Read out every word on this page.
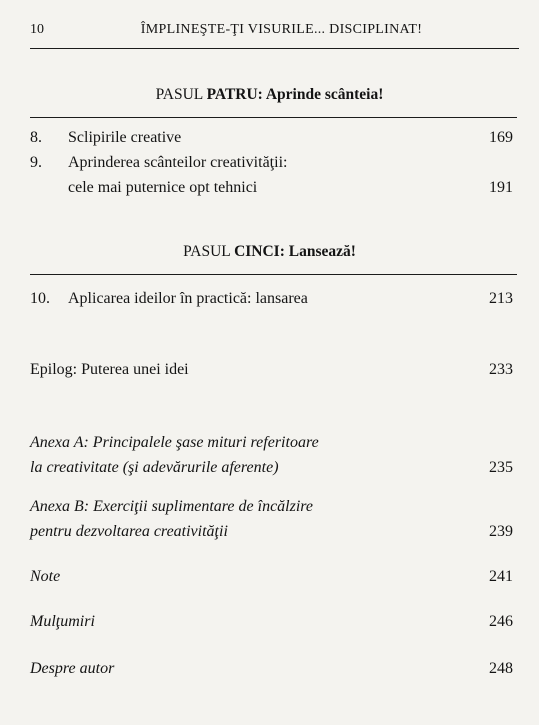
10	ÎMPLINEŞTE-ŢI VISURILE... DISCIPLINAT!
PASUL PATRU: Aprinde scânteia!
8. Sclipirile creative	169
9. Aprinderea scânteilor creativităţii:
cele mai puternice opt tehnici	191
PASUL CINCI: Lansează!
10. Aplicarea ideilor în practică: lansarea	213
Epilog: Puterea unei idei	233
Anexa A: Principalele şase mituri referitoare
la creativitate (şi adevărurile aferente)	235
Anexa B: Exerciţii suplimentare de încălzire
pentru dezvoltarea creativităţii	239
Note	241
Mulţumiri	246
Despre autor	248
